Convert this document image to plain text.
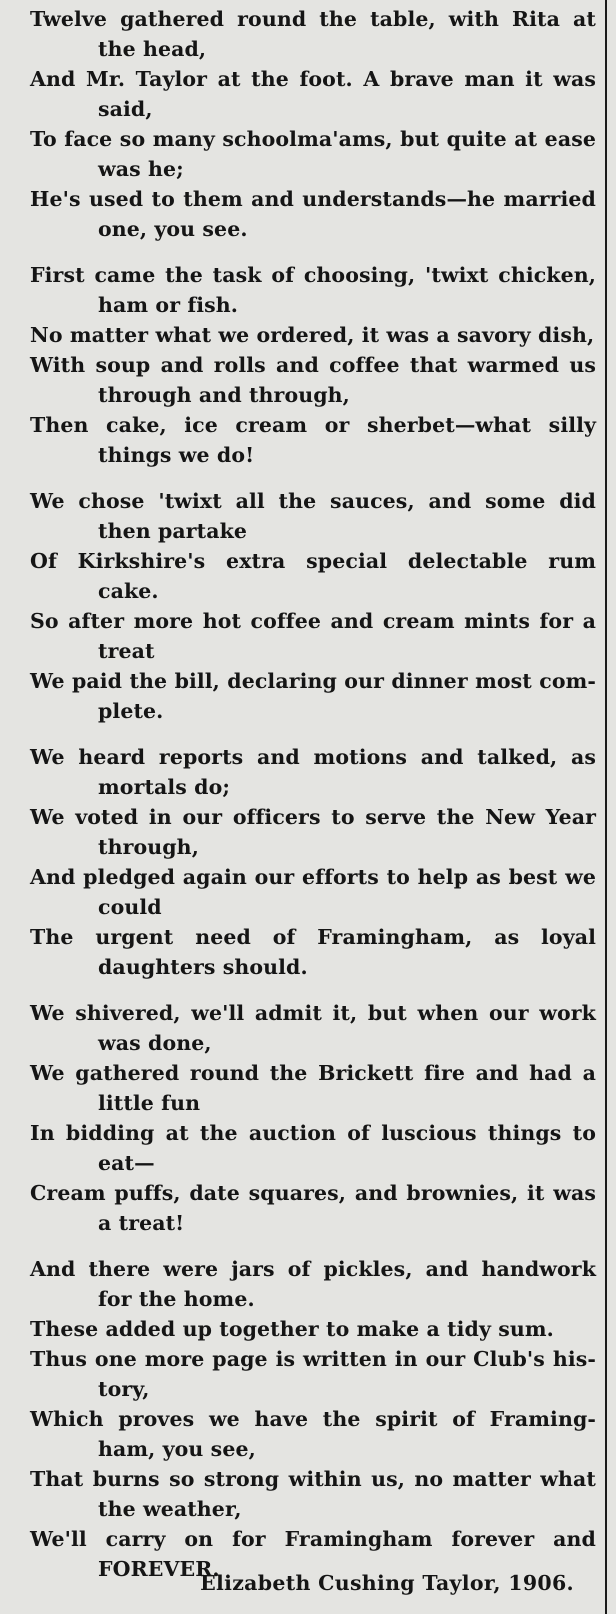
Twelve gathered round the table, with Rita at the head,
And Mr. Taylor at the foot. A brave man it was said,
To face so many schoolma'ams, but quite at ease was he;
He's used to them and understands—he married one, you see.
First came the task of choosing, 'twixt chicken, ham or fish.
No matter what we ordered, it was a savory dish,
With soup and rolls and coffee that warmed us through and through,
Then cake, ice cream or sherbet—what silly things we do!
We chose 'twixt all the sauces, and some did then partake
Of Kirkshire's extra special delectable rum cake.
So after more hot coffee and cream mints for a treat
We paid the bill, declaring our dinner most com-plete.
We heard reports and motions and talked, as mortals do;
We voted in our officers to serve the New Year through,
And pledged again our efforts to help as best we could
The urgent need of Framingham, as loyal daughters should.
We shivered, we'll admit it, but when our work was done,
We gathered round the Brickett fire and had a little fun
In bidding at the auction of luscious things to eat—
Cream puffs, date squares, and brownies, it was a treat!
And there were jars of pickles, and handwork for the home.
These added up together to make a tidy sum.
Thus one more page is written in our Club's his-tory,
Which proves we have the spirit of Framing-ham, you see,
That burns so strong within us, no matter what the weather,
We'll carry on for Framingham forever and FOREVER.
Elizabeth Cushing Taylor, 1906.
